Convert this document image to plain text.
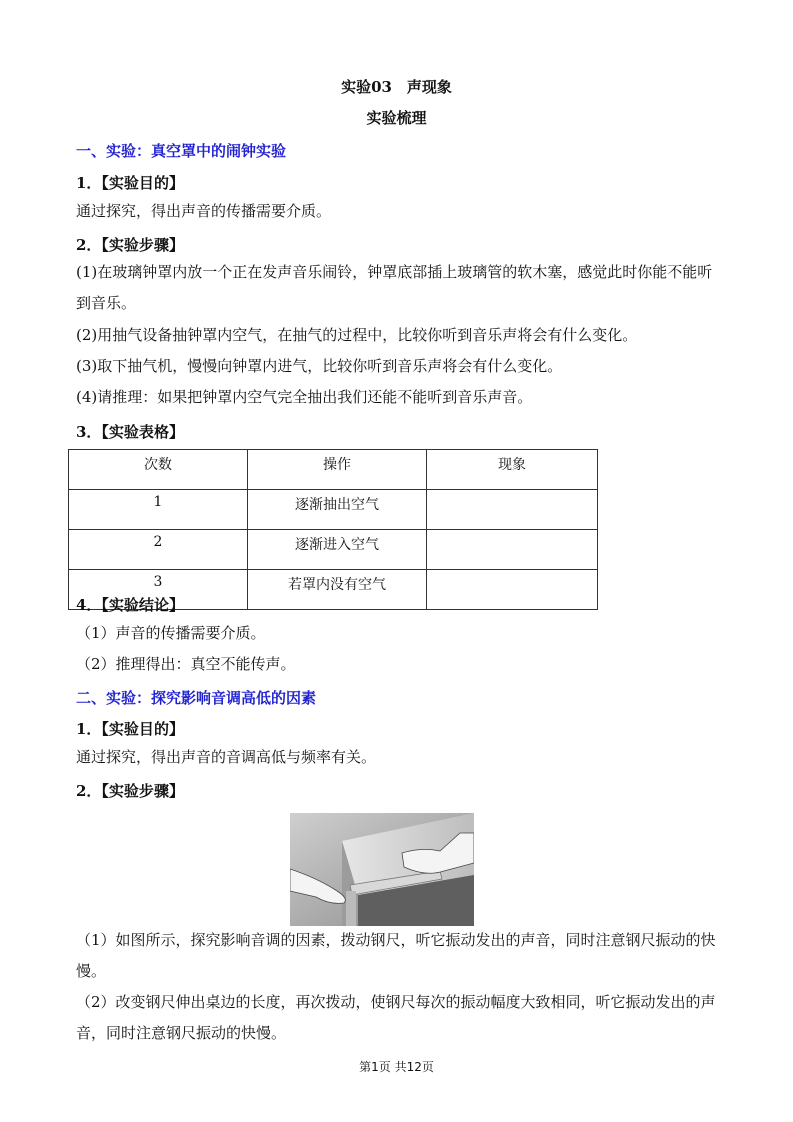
实验03　声现象
实验梳理
一、实验：真空罩中的闹钟实验
1．【实验目的】
通过探究，得出声音的传播需要介质。
2．【实验步骤】
(1)在玻璃钟罩内放一个正在发声音乐闹铃，钟罩底部插上玻璃管的软木塞，感觉此时你能不能听到音乐。
(2)用抽气设备抽钟罩内空气，在抽气的过程中，比较你听到音乐声将会有什么变化。
(3)取下抽气机，慢慢向钟罩内进气，比较你听到音乐声将会有什么变化。
(4)请推理：如果把钟罩内空气完全抽出我们还能不能听到音乐声音。
3．【实验表格】
次数	操作	现象
1	逐渐抽出空气	
2	逐渐进入空气	
3	若罩内没有空气	
4．【实验结论】
（1）声音的传播需要介质。
（2）推理得出：真空不能传声。
二、实验：探究影响音调高低的因素
1．【实验目的】
通过探究，得出声音的音调高低与频率有关。
2．【实验步骤】
（1）如图所示，探究影响音调的因素，拨动钢尺，听它振动发出的声音，同时注意钢尺振动的快慢。
（2）改变钢尺伸出桌边的长度，再次拨动，使钢尺每次的振动幅度大致相同，听它振动发出的声音，同时注意钢尺振动的快慢。
第1页 共12页
